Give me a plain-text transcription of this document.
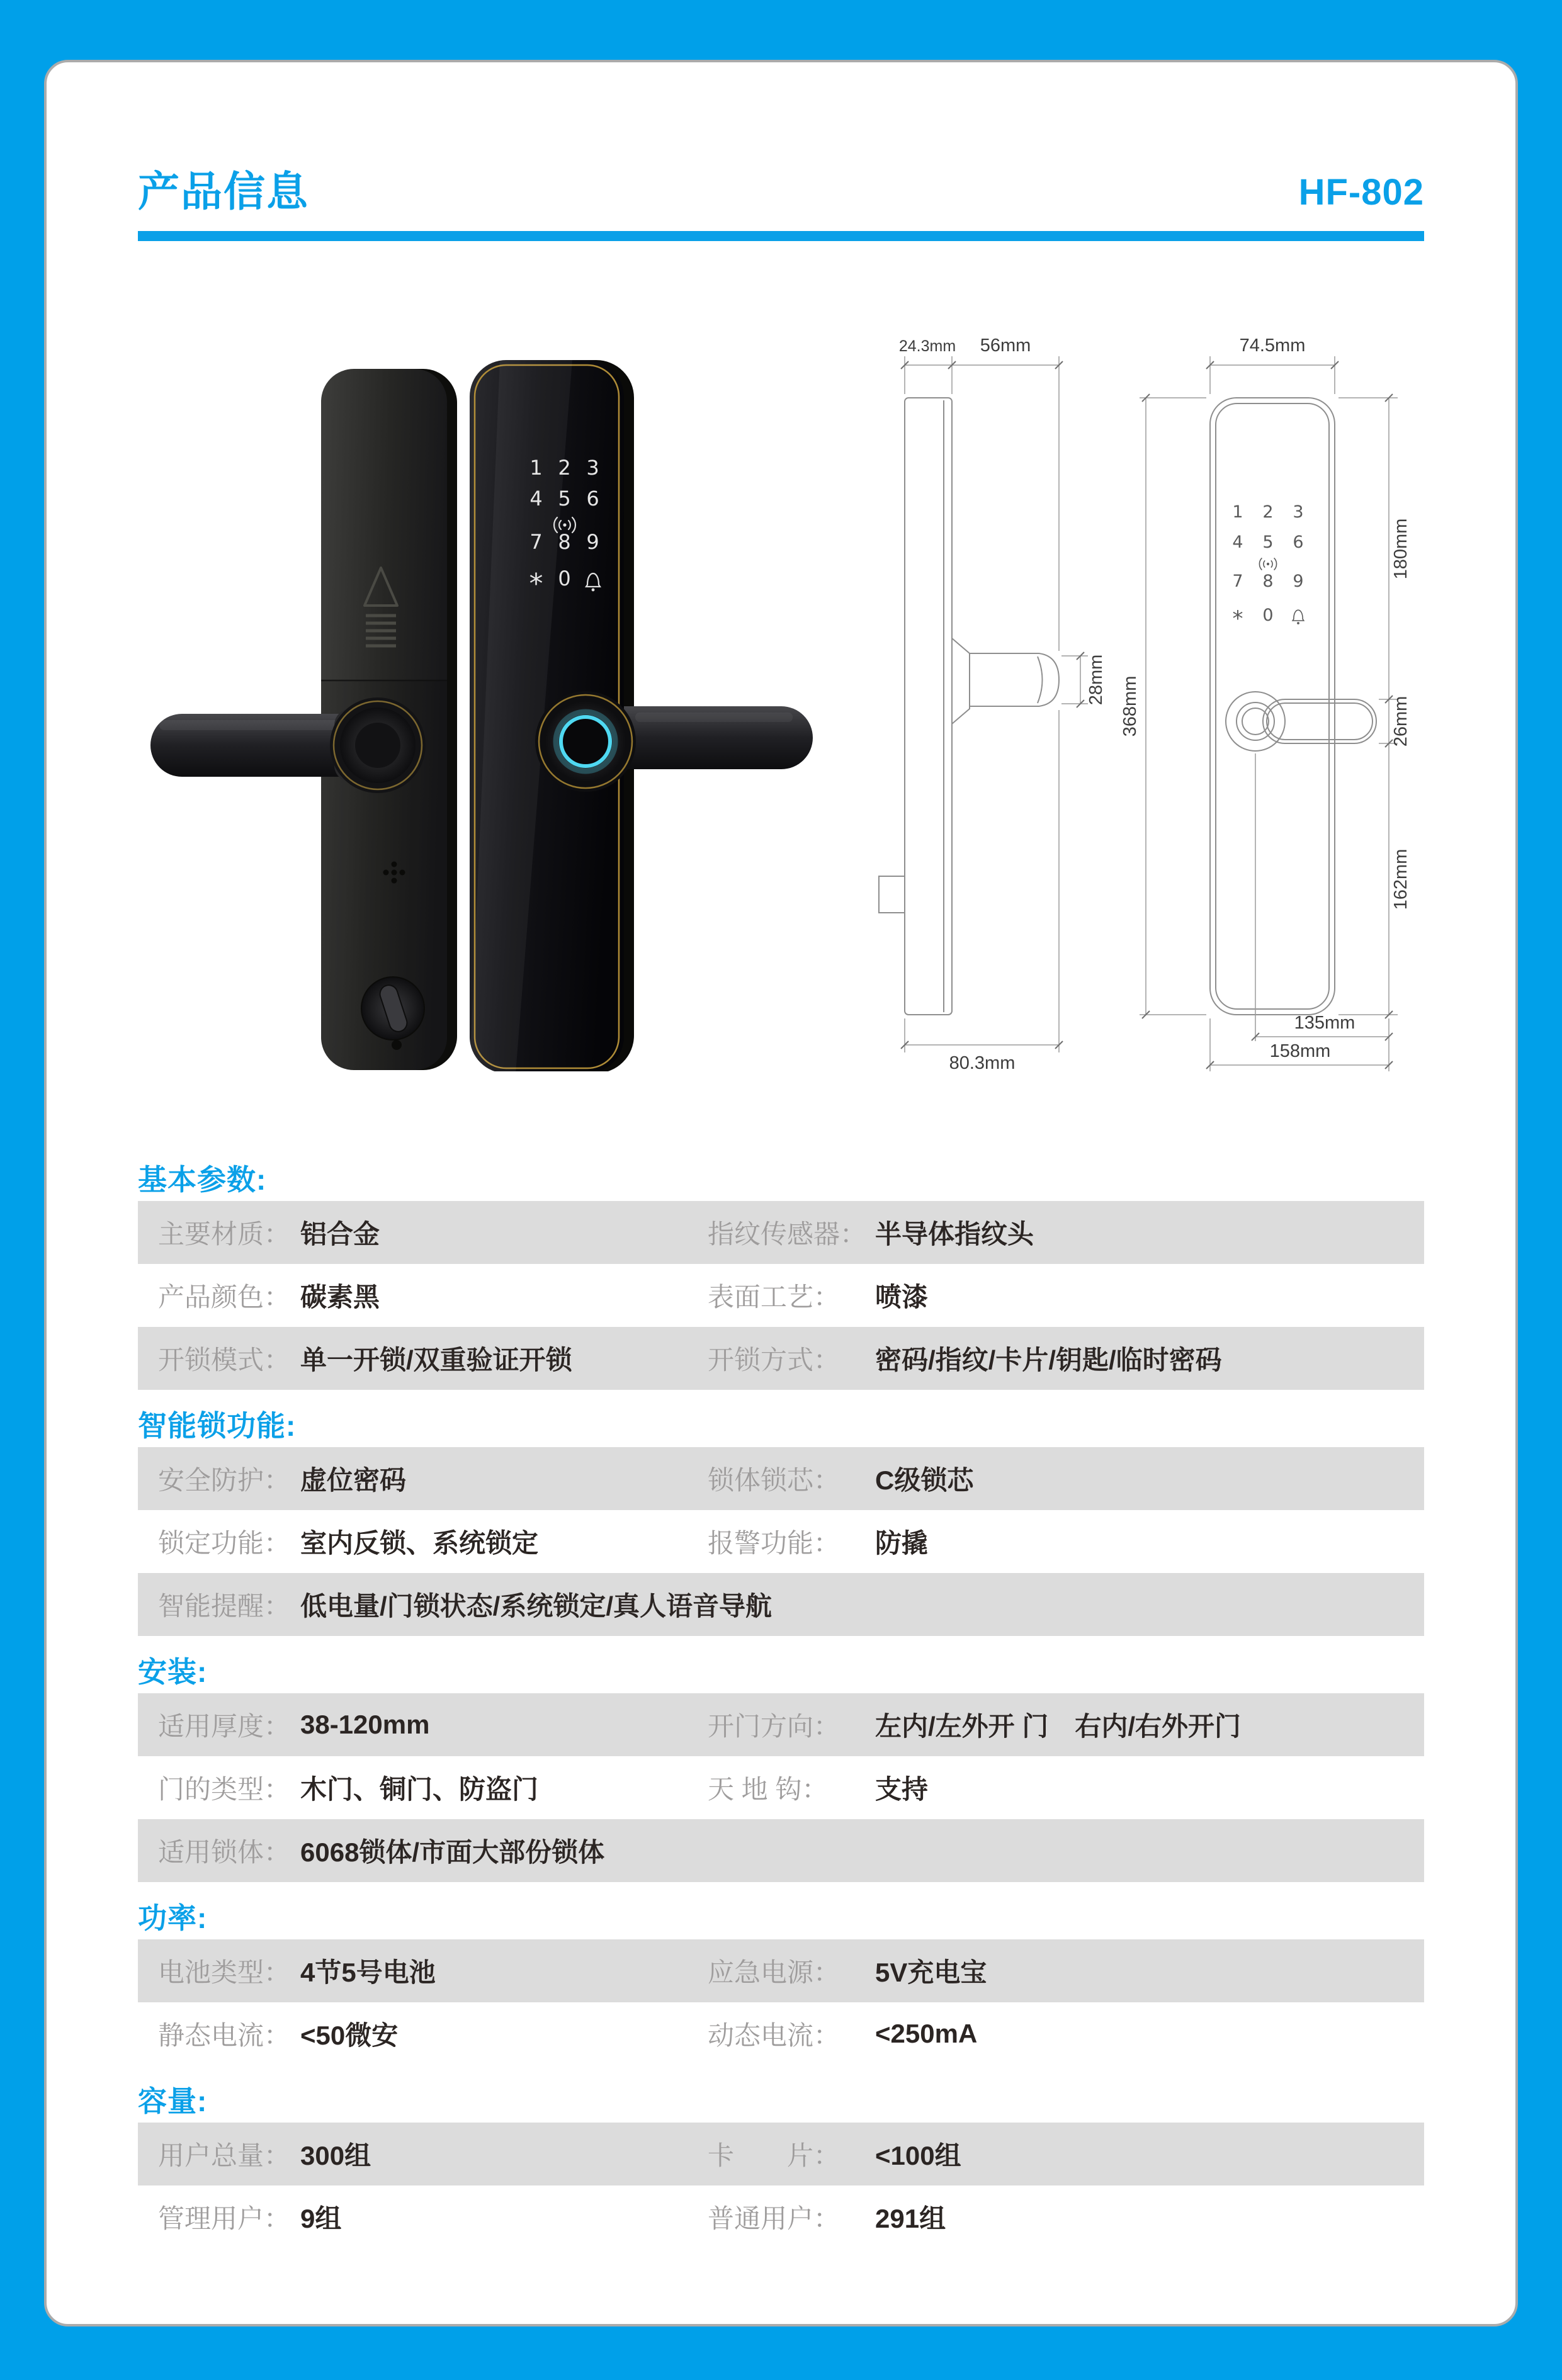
产品信息	HF-802
1 2 3
4 5 6
7 8 9
* 0
24.3mm 56mm
28mm
80.3mm
368mm
1 2 3
4 5 6
7 8 9
* 0
74.5mm
180mm
26mm
162mm
135mm
158mm
基本参数:
主要材质： 铝合金	指纹传感器： 半导体指纹头
产品颜色： 碳素黑	表面工艺：	喷漆
开锁模式： 单一开锁/双重验证开锁	开锁方式：	密码/指纹/卡片/钥匙/临时密码
智能锁功能:
安全防护： 虚位密码	锁体锁芯：	C级锁芯
锁定功能： 室内反锁、系统锁定	报警功能：	防撬
智能提醒： 低电量/门锁状态/系统锁定/真人语音导航
安装:
适用厚度： 38-120mm	开门方向：	左内/左外开 门　右内/右外开门
门的类型： 木门、铜门、防盗门	天 地 钩：	支持
适用锁体： 6068锁体/市面大部份锁体
功率:
电池类型： 4节5号电池	应急电源：	5V充电宝
静态电流： <50微安	动态电流：	<250mA
容量:
用户总量： 300组	卡　　片：	<100组
管理用户： 9组	普通用户：	291组
